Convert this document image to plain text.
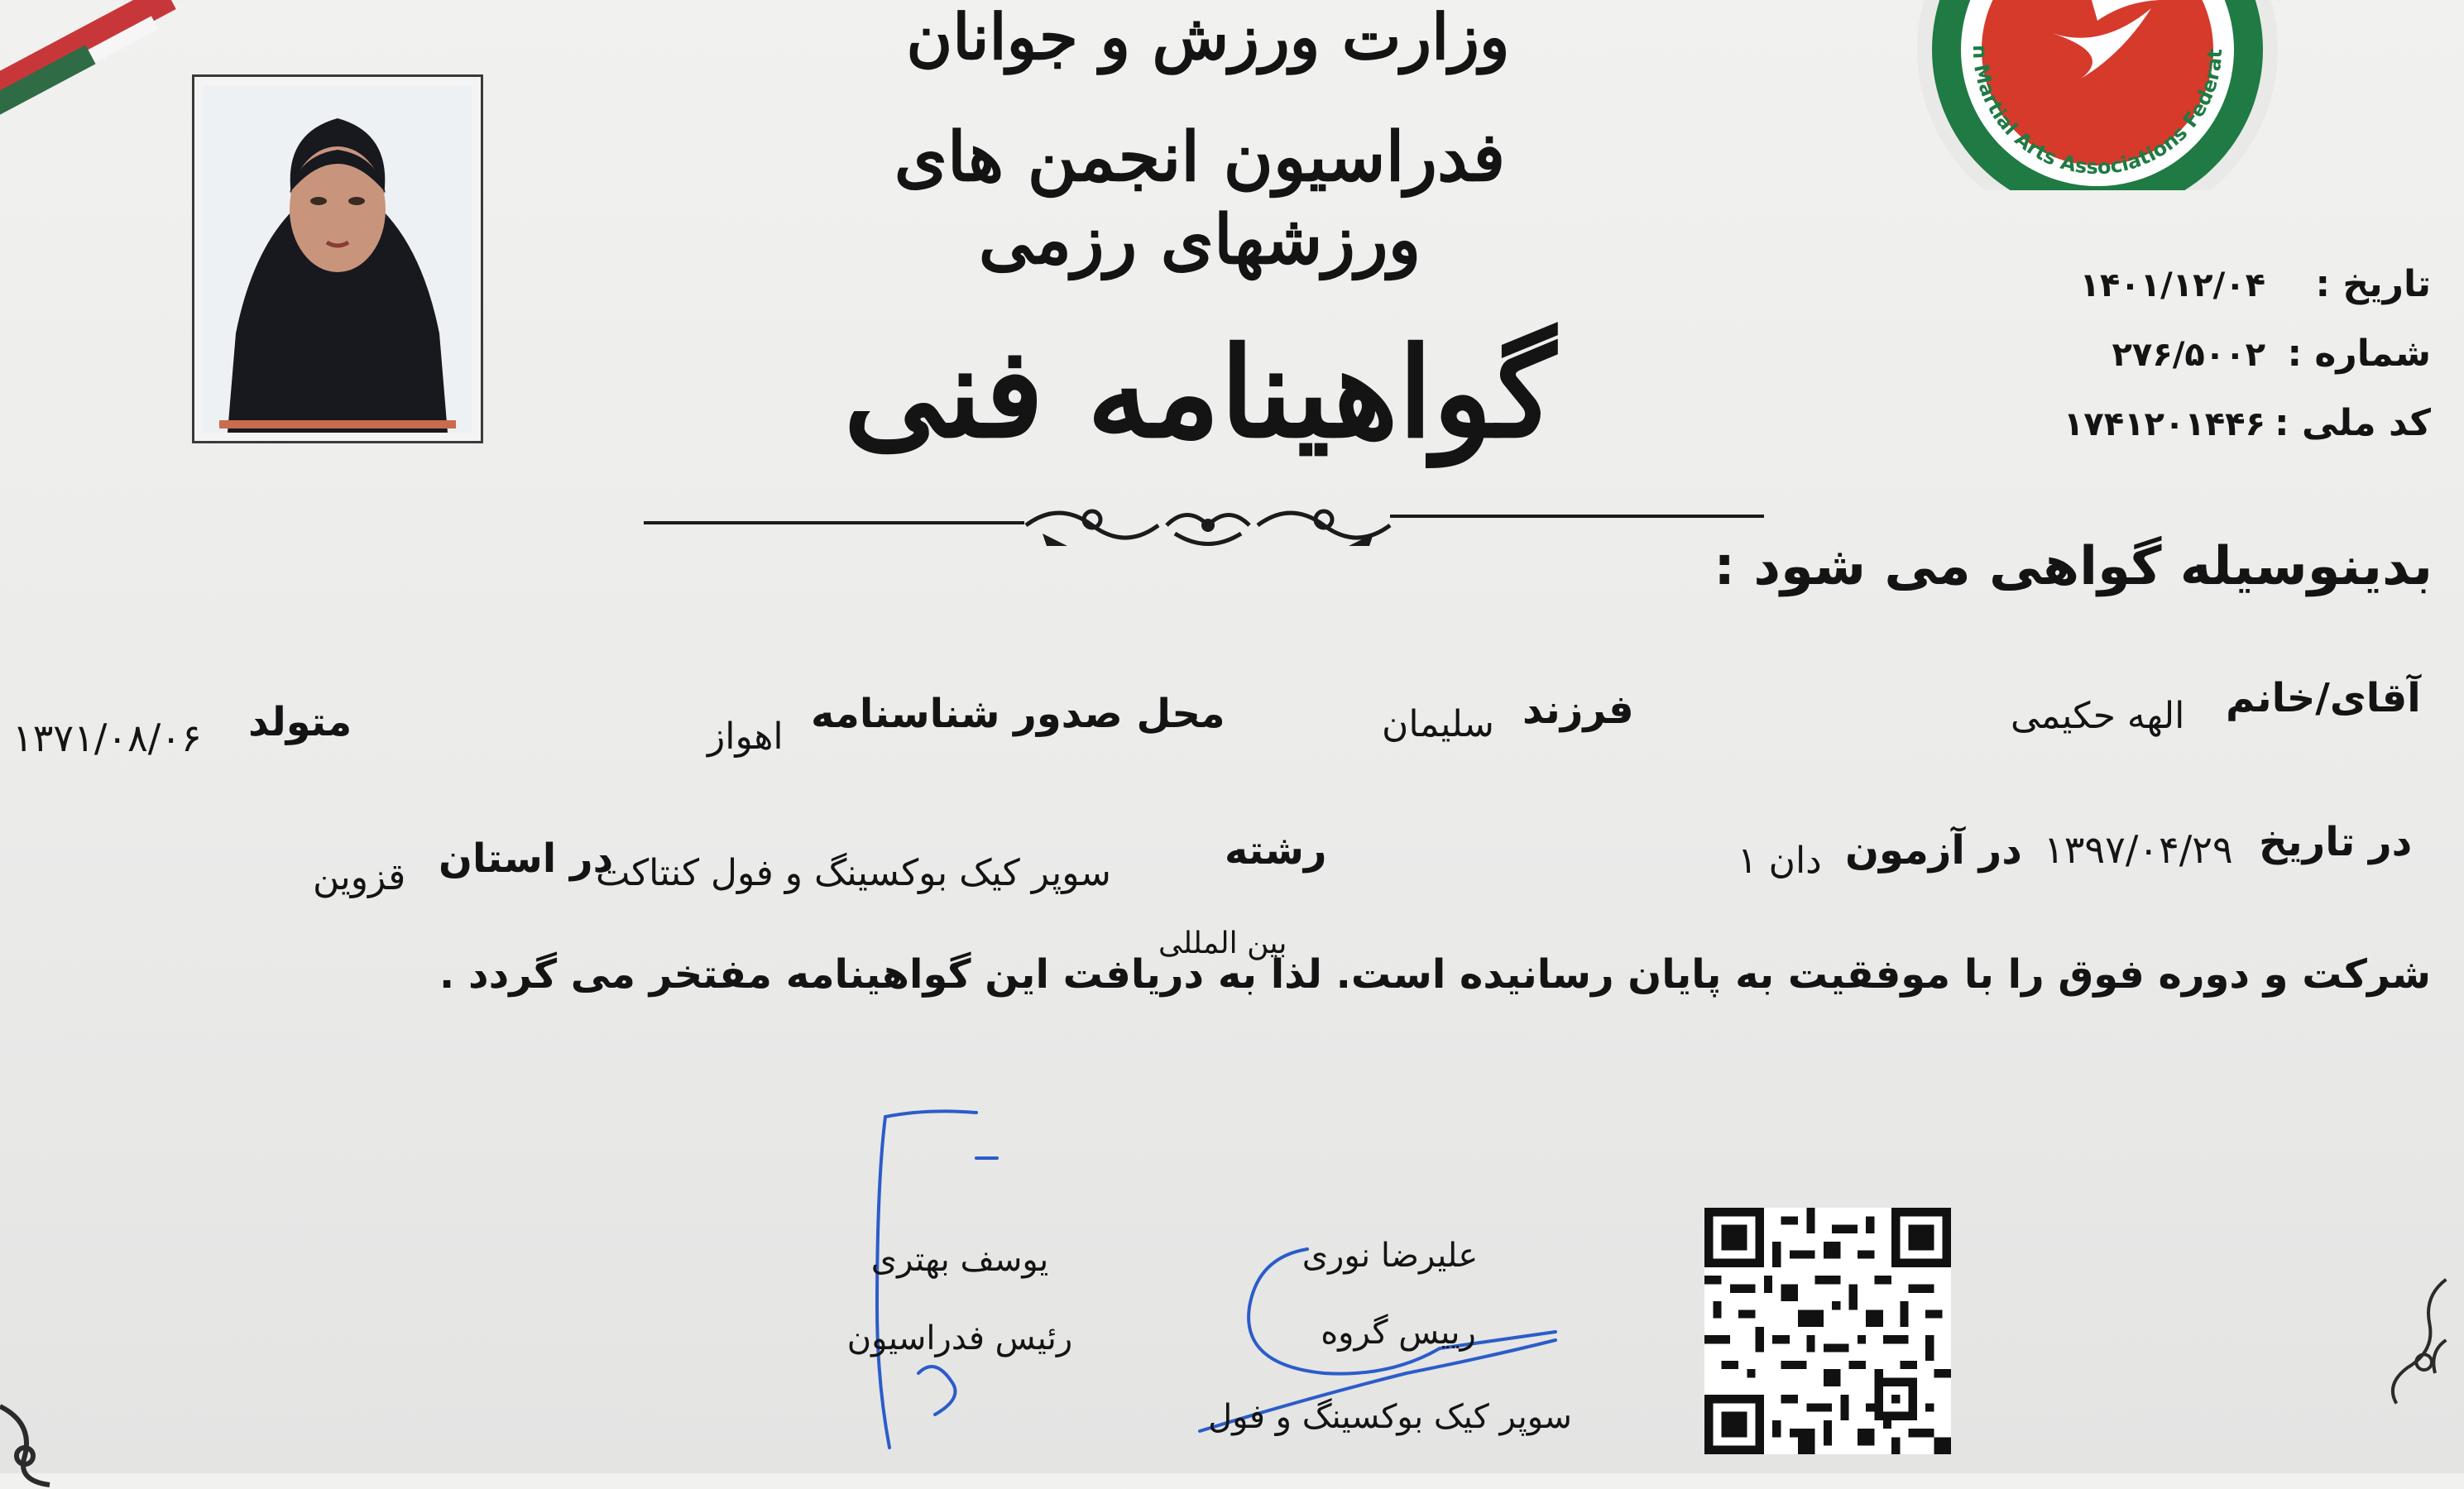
وزارت ورزش و جوانان
فدراسیون انجمن های ورزشهای رزمی
n Martial Arts Associations Federat
تاریخ :
۱۴۰۱/۱۲/۰۴
شماره :
۲۷۶/۵۰۰۲
کد ملی :
۱۷۴۱۲۰۱۴۴۶
گواهینامه فنی
بدینوسیله گواهی می شود :
آقای/خانم
الهه حکیمی
فرزند
سلیمان
محل صدور شناسنامه
اهواز
متولد
۱۳۷۱/۰۸/۰۶
در تاریخ
۱۳۹۷/۰۴/۲۹
در آزمون
دان ۱
رشته
سوپر کیک بوکسینگ و فول کنتاکت
در استان
قزوین
بین المللی
شرکت و دوره فوق را با موفقیت به پایان رسانیده است. لذا به دریافت این گواهینامه مفتخر می گردد .
یوسف بهتری
رئیس فدراسیون
علیرضا نوری
رییس گروه
سوپر کیک بوکسینگ و فول
